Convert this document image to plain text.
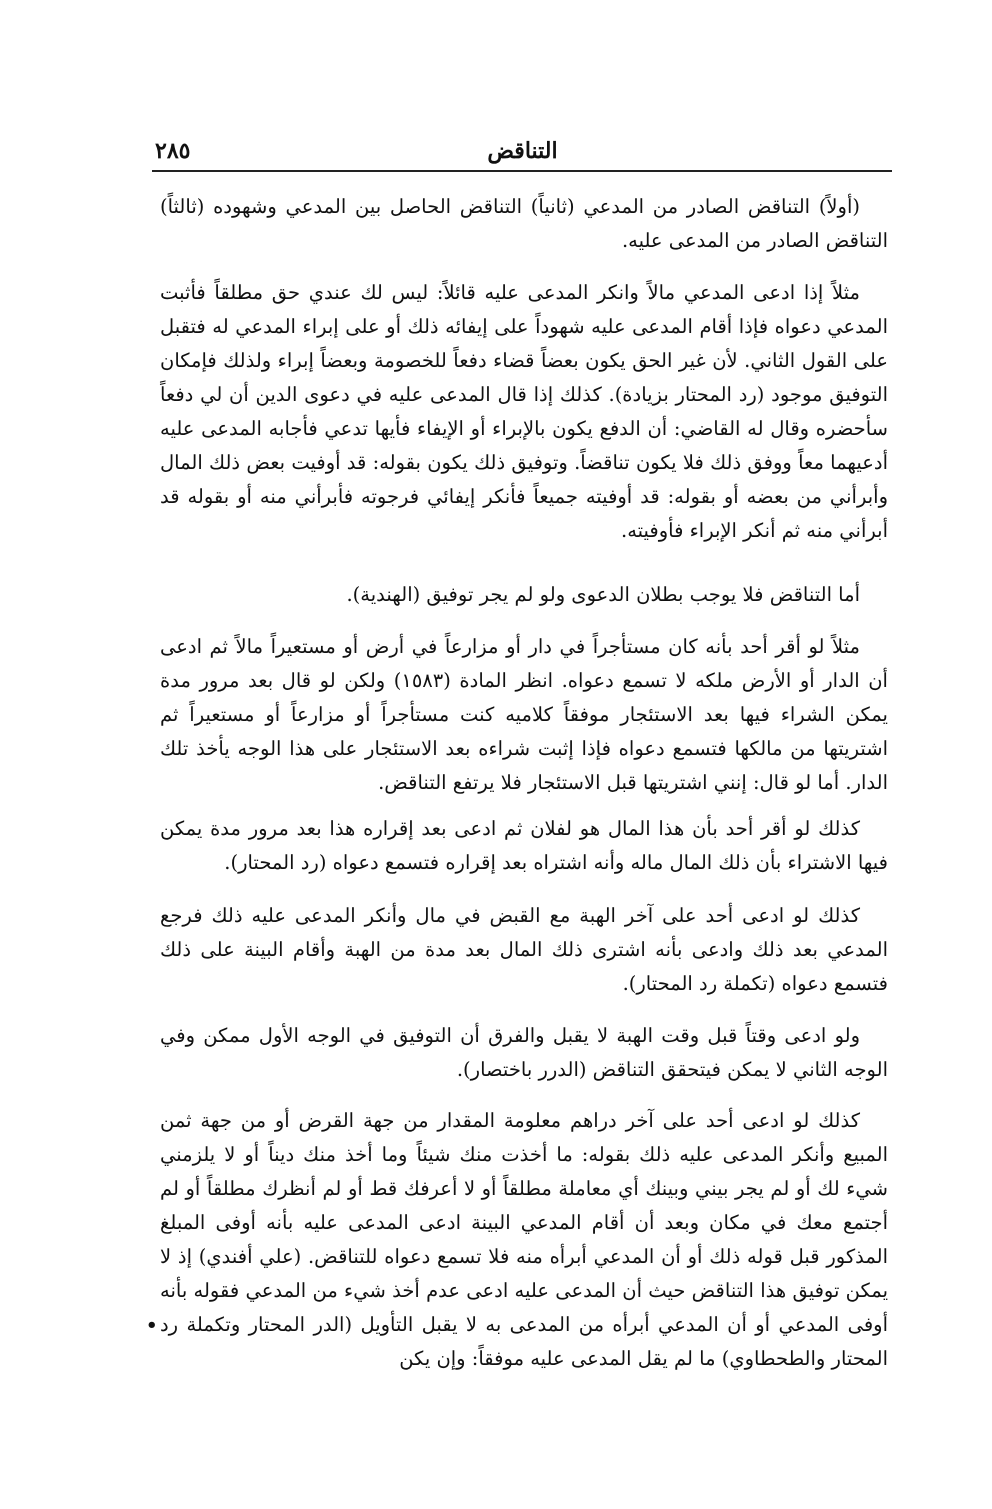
٢٨٥	التناقض

(أولاً) التناقض الصادر من المدعي (ثانياً) التناقض الحاصل بين المدعي وشهوده (ثالثاً) التناقض الصادر من المدعى عليه.

مثلاً إذا ادعى المدعي مالاً وانكر المدعى عليه قائلاً: ليس لك عندي حق مطلقاً فأثبت المدعي دعواه فإذا أقام المدعى عليه شهوداً على إيفائه ذلك أو على إبراء المدعي له فتقبل على القول الثاني. لأن غير الحق يكون بعضاً قضاء دفعاً للخصومة وبعضاً إبراء ولذلك فإمكان التوفيق موجود (رد المحتار بزيادة). كذلك إذا قال المدعى عليه في دعوى الدين أن لي دفعاً سأحضره وقال له القاضي: أن الدفع يكون بالإبراء أو الإيفاء فأيها تدعي فأجابه المدعى عليه أدعيهما معاً ووفق ذلك فلا يكون تناقضاً. وتوفيق ذلك يكون بقوله: قد أوفيت بعض ذلك المال وأبرأني من بعضه أو بقوله: قد أوفيته جميعاً فأنكر إيفائي فرجوته فأبرأني منه أو بقوله قد أبرأني منه ثم أنكر الإبراء فأوفيته.

أما التناقض فلا يوجب بطلان الدعوى ولو لم يجر توفيق (الهندية).

مثلاً لو أقر أحد بأنه كان مستأجراً في دار أو مزارعاً في أرض أو مستعيراً مالاً ثم ادعى أن الدار أو الأرض ملكه لا تسمع دعواه. انظر المادة (١٥٨٣) ولكن لو قال بعد مرور مدة يمكن الشراء فيها بعد الاستئجار موفقاً كلاميه كنت مستأجراً أو مزارعاً أو مستعيراً ثم اشتريتها من مالكها فتسمع دعواه فإذا إثبت شراءه بعد الاستئجار على هذا الوجه يأخذ تلك الدار. أما لو قال: إنني اشتريتها قبل الاستئجار فلا يرتفع التناقض.

كذلك لو أقر أحد بأن هذا المال هو لفلان ثم ادعى بعد إقراره هذا بعد مرور مدة يمكن فيها الاشتراء بأن ذلك المال ماله وأنه اشتراه بعد إقراره فتسمع دعواه (رد المحتار).

كذلك لو ادعى أحد على آخر الهبة مع القبض في مال وأنكر المدعى عليه ذلك فرجع المدعي بعد ذلك وادعى بأنه اشترى ذلك المال بعد مدة من الهبة وأقام البينة على ذلك فتسمع دعواه (تكملة رد المحتار).

ولو ادعى وقتاً قبل وقت الهبة لا يقبل والفرق أن التوفيق في الوجه الأول ممكن وفي الوجه الثاني لا يمكن فيتحقق التناقض (الدرر باختصار).

كذلك لو ادعى أحد على آخر دراهم معلومة المقدار من جهة القرض أو من جهة ثمن المبيع وأنكر المدعى عليه ذلك بقوله: ما أخذت منك شيئاً وما أخذ منك ديناً أو لا يلزمني شيء لك أو لم يجر بيني وبينك أي معاملة مطلقاً أو لا أعرفك قط أو لم أنظرك مطلقاً أو لم أجتمع معك في مكان وبعد أن أقام المدعي البينة ادعى المدعى عليه بأنه أوفى المبلغ المذكور قبل قوله ذلك أو أن المدعي أبرأه منه فلا تسمع دعواه للتناقض. (علي أفندي) إذ لا يمكن توفيق هذا التناقض حيث أن المدعى عليه ادعى عدم أخذ شيء من المدعي فقوله بأنه أوفى المدعي أو أن المدعي أبرأه من المدعى به لا يقبل التأويل (الدر المحتار وتكملة رد المحتار والطحطاوي) ما لم يقل المدعى عليه موفقاً: وإن يكن

•
